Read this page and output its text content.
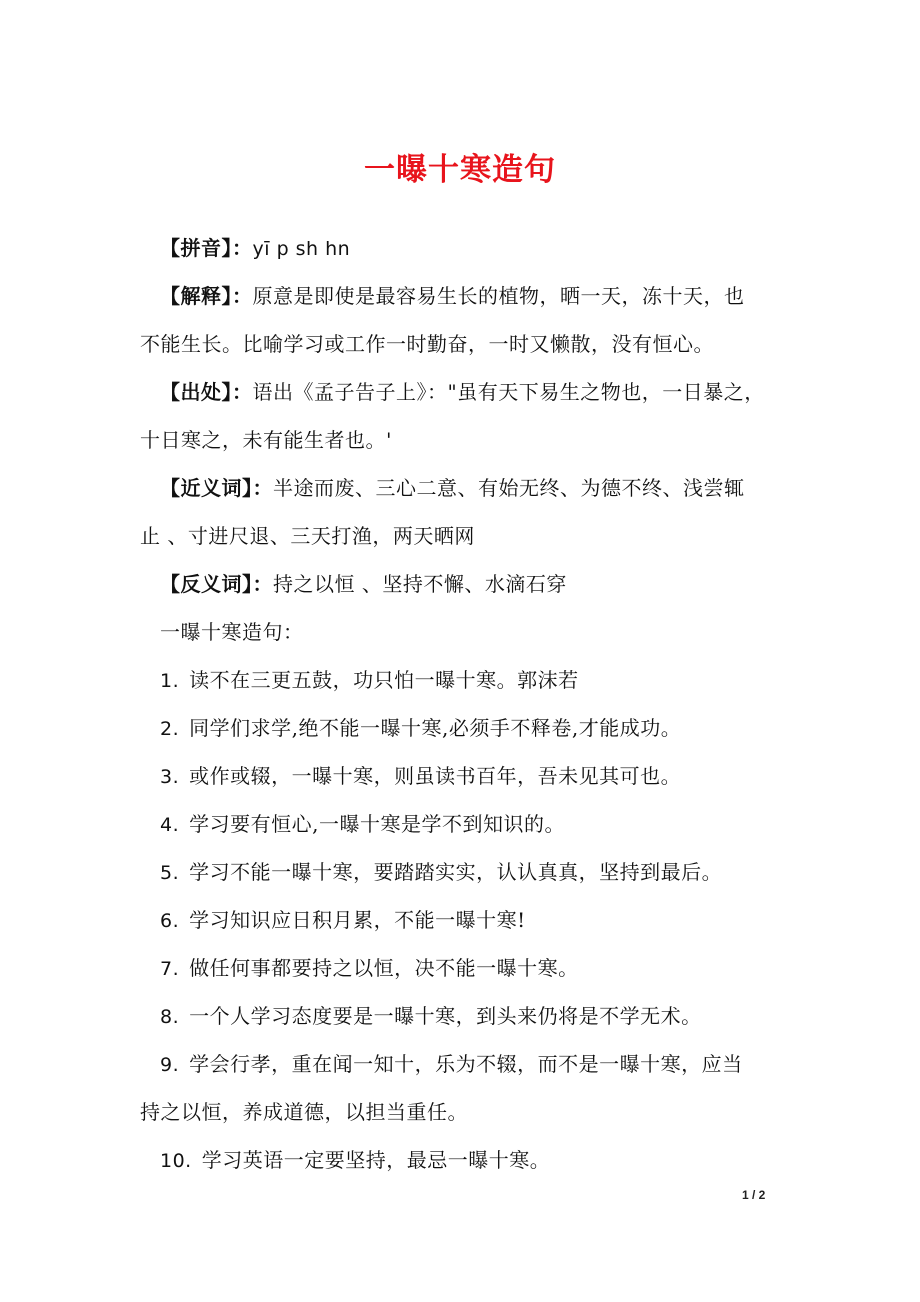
一曝十寒造句
【拼音】：yī p sh hn
【解释】：原意是即使是最容易生长的植物，晒一天，冻十天，也
不能生长。比喻学习或工作一时勤奋，一时又懒散，没有恒心。
【出处】：语出《孟子告子上》："虽有天下易生之物也，一日暴之，
十日寒之，未有能生者也。'
【近义词】：半途而废、三心二意、有始无终、为德不终、浅尝辄
止 、寸进尺退、三天打渔，两天晒网
【反义词】：持之以恒 、坚持不懈、水滴石穿
一曝十寒造句：
1. 读不在三更五鼓，功只怕一曝十寒。郭沫若
2. 同学们求学,绝不能一曝十寒,必须手不释卷,才能成功。
3. 或作或辍，一曝十寒，则虽读书百年，吾未见其可也。
4. 学习要有恒心,一曝十寒是学不到知识的。
5. 学习不能一曝十寒，要踏踏实实，认认真真，坚持到最后。
6. 学习知识应日积月累，不能一曝十寒!
7. 做任何事都要持之以恒，决不能一曝十寒。
8. 一个人学习态度要是一曝十寒，到头来仍将是不学无术。
9. 学会行孝，重在闻一知十，乐为不辍，而不是一曝十寒，应当
持之以恒，养成道德，以担当重任。
10. 学习英语一定要坚持，最忌一曝十寒。
1 / 2
